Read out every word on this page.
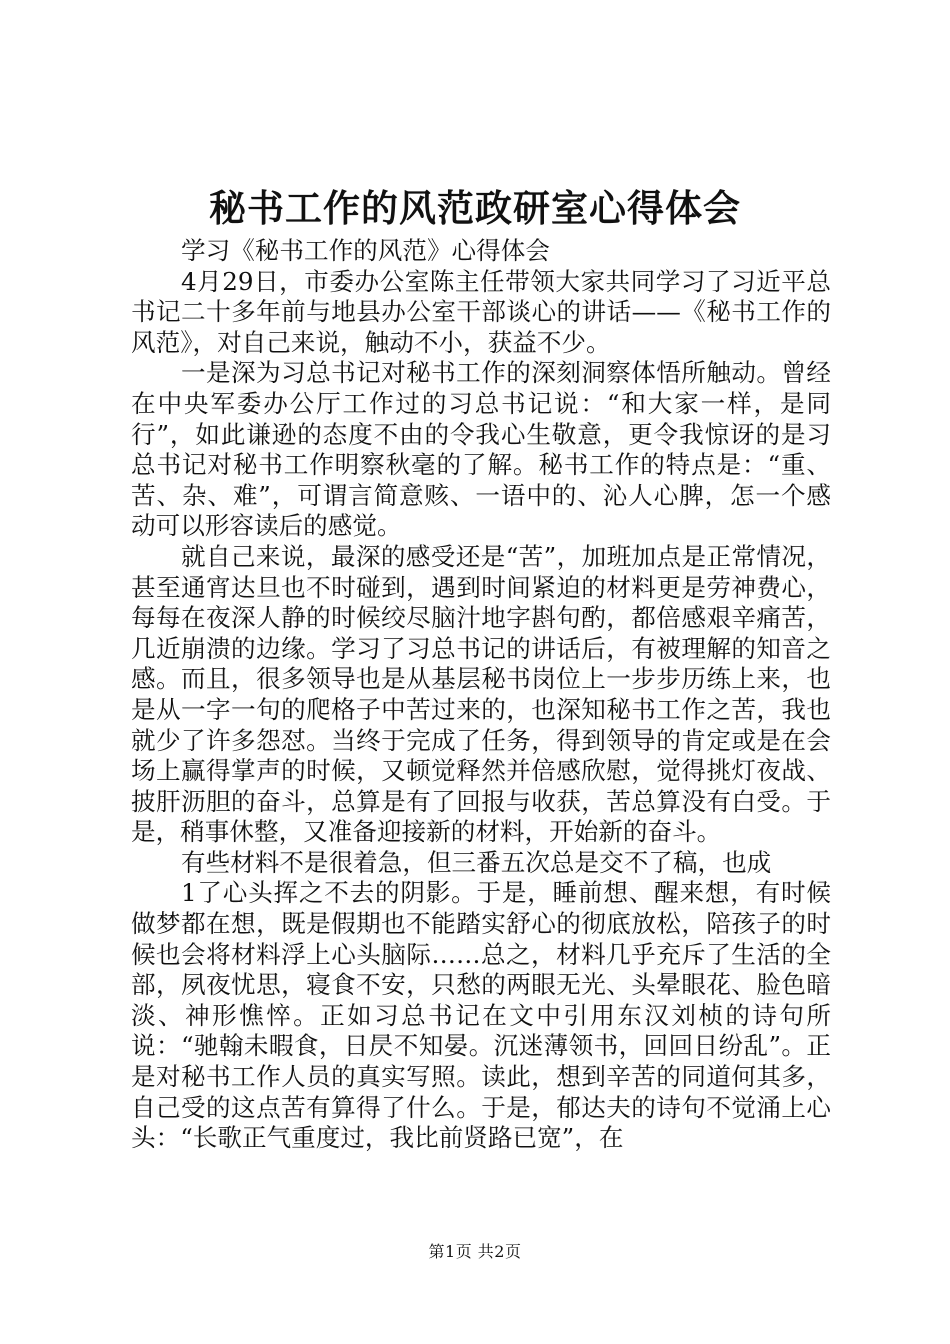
秘书工作的风范政研室心得体会

学习《秘书工作的风范》心得体会

4月29日，市委办公室陈主任带领大家共同学习了习近平总书记二十多年前与地县办公室干部谈心的讲话——《秘书工作的风范》，对自己来说，触动不小，获益不少。

一是深为习总书记对秘书工作的深刻洞察体悟所触动。曾经在中央军委办公厅工作过的习总书记说：“和大家一样，是同行”，如此谦逊的态度不由的令我心生敬意，更令我惊讶的是习总书记对秘书工作明察秋毫的了解。秘书工作的特点是：“重、苦、杂、难”，可谓言简意赅、一语中的、沁人心脾，怎一个感动可以形容读后的感觉。

就自己来说，最深的感受还是“苦”，加班加点是正常情况，甚至通宵达旦也不时碰到，遇到时间紧迫的材料更是劳神费心，每每在夜深人静的时候绞尽脑汁地字斟句酌，都倍感艰辛痛苦，几近崩溃的边缘。学习了习总书记的讲话后，有被理解的知音之感。而且，很多领导也是从基层秘书岗位上一步步历练上来，也是从一字一句的爬格子中苦过来的，也深知秘书工作之苦，我也就少了许多怨怼。当终于完成了任务，得到领导的肯定或是在会场上赢得掌声的时候，又顿觉释然并倍感欣慰，觉得挑灯夜战、披肝沥胆的奋斗，总算是有了回报与收获，苦总算没有白受。于是，稍事休整，又准备迎接新的材料，开始新的奋斗。

有些材料不是很着急，但三番五次总是交不了稿，也成

1了心头挥之不去的阴影。于是，睡前想、醒来想，有时候做梦都在想，既是假期也不能踏实舒心的彻底放松，陪孩子的时候也会将材料浮上心头脑际……总之，材料几乎充斥了生活的全部，夙夜忧思，寝食不安，只愁的两眼无光、头晕眼花、脸色暗淡、神形憔悴。正如习总书记在文中引用东汉刘桢的诗句所说：“驰翰未暇食，日昃不知晏。沉迷薄领书，回回日纷乱”。正是对秘书工作人员的真实写照。读此，想到辛苦的同道何其多，自己受的这点苦有算得了什么。于是，郁达夫的诗句不觉涌上心头：“长歌正气重度过，我比前贤路已宽”，在

第1页 共2页
